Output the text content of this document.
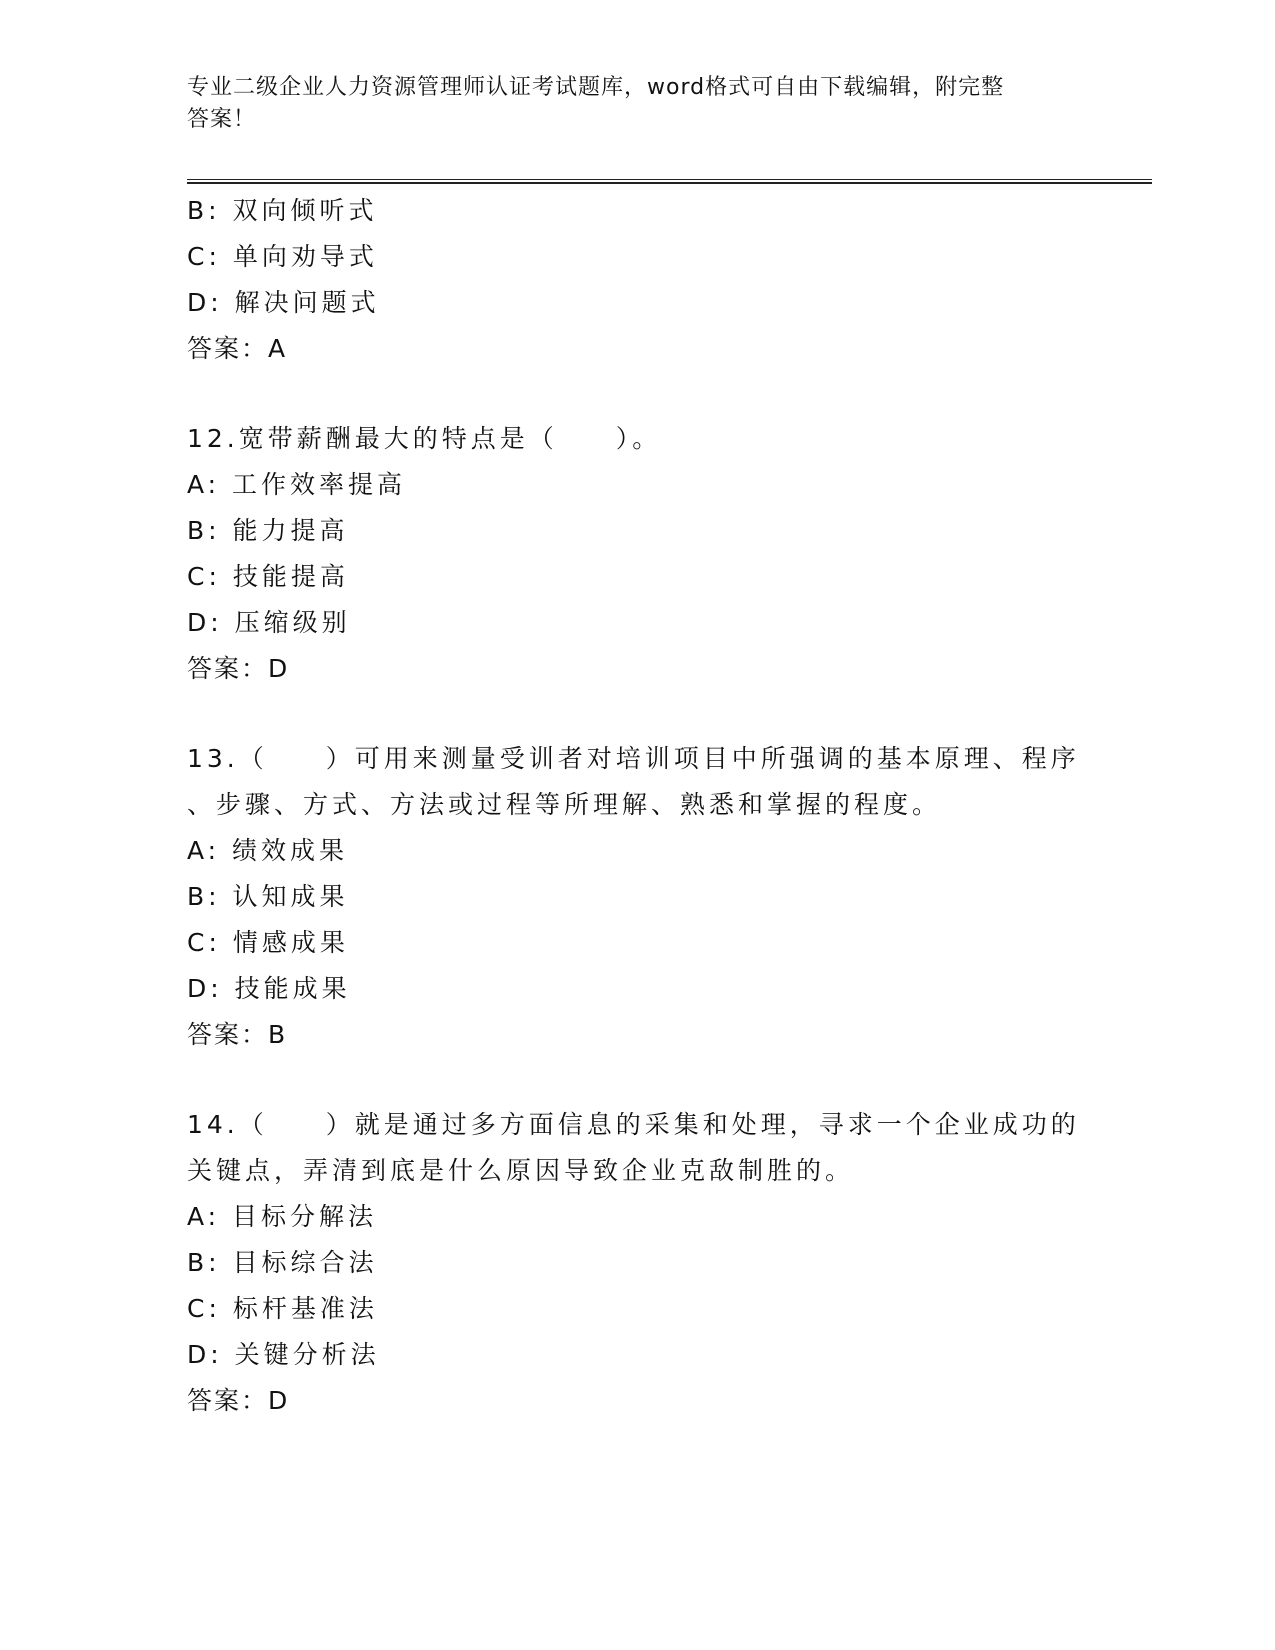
专业二级企业人力资源管理师认证考试题库，word格式可自由下载编辑，附完整
答案！
B: 双向倾听式
C: 单向劝导式
D: 解决问题式
答案：A
12.宽带薪酬最大的特点是（　　）。
A: 工作效率提高
B: 能力提高
C: 技能提高
D: 压缩级别
答案：D
13.（　　）可用来测量受训者对培训项目中所强调的基本原理、程序
、步骤、方式、方法或过程等所理解、熟悉和掌握的程度。
A: 绩效成果
B: 认知成果
C: 情感成果
D: 技能成果
答案：B
14.（　　）就是通过多方面信息的采集和处理，寻求一个企业成功的
关键点，弄清到底是什么原因导致企业克敌制胜的。
A: 目标分解法
B: 目标综合法
C: 标杆基准法
D: 关键分析法
答案：D
